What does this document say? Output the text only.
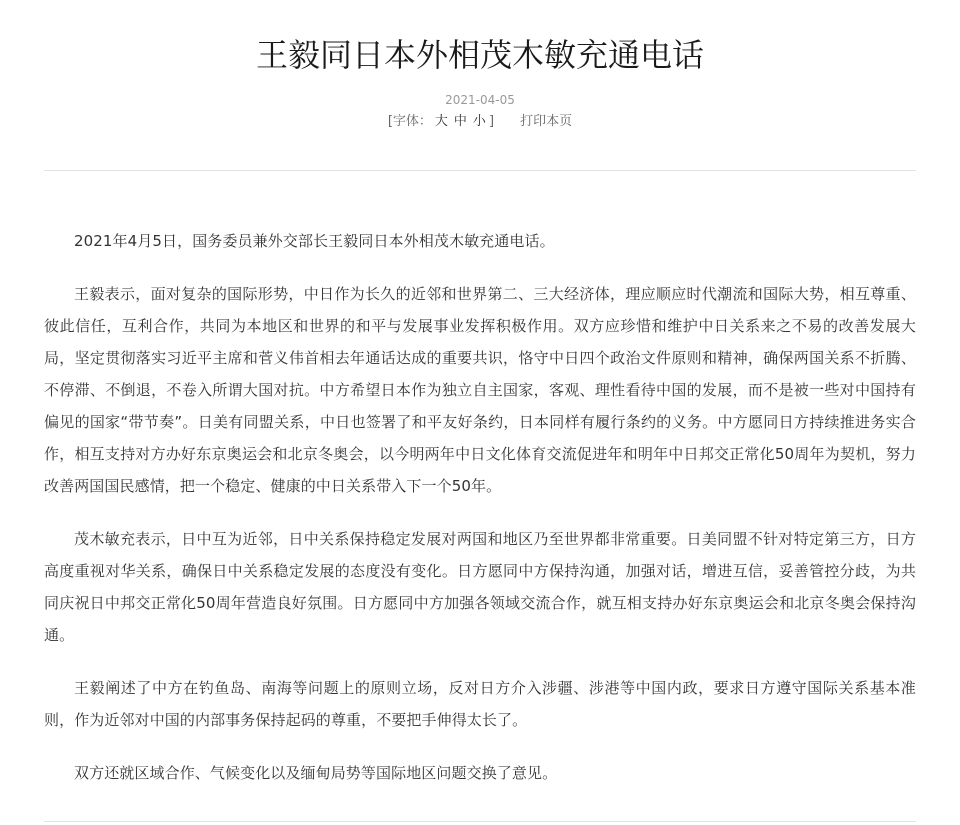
王毅同日本外相茂木敏充通电话
2021-04-05
[字体： 大 中 小 ] 打印本页

2021年4月5日，国务委员兼外交部长王毅同日本外相茂木敏充通电话。

王毅表示，面对复杂的国际形势，中日作为长久的近邻和世界第二、三大经济体，理应顺应时代潮流和国际大势，相互尊重、彼此信任，互利合作，共同为本地区和世界的和平与发展事业发挥积极作用。双方应珍惜和维护中日关系来之不易的改善发展大局，坚定贯彻落实习近平主席和菅义伟首相去年通话达成的重要共识，恪守中日四个政治文件原则和精神，确保两国关系不折腾、不停滞、不倒退，不卷入所谓大国对抗。中方希望日本作为独立自主国家，客观、理性看待中国的发展，而不是被一些对中国持有偏见的国家“带节奏”。日美有同盟关系，中日也签署了和平友好条约，日本同样有履行条约的义务。中方愿同日方持续推进务实合作，相互支持对方办好东京奥运会和北京冬奥会，以今明两年中日文化体育交流促进年和明年中日邦交正常化50周年为契机，努力改善两国国民感情，把一个稳定、健康的中日关系带入下一个50年。

茂木敏充表示，日中互为近邻，日中关系保持稳定发展对两国和地区乃至世界都非常重要。日美同盟不针对特定第三方，日方高度重视对华关系，确保日中关系稳定发展的态度没有变化。日方愿同中方保持沟通，加强对话，增进互信，妥善管控分歧，为共同庆祝日中邦交正常化50周年营造良好氛围。日方愿同中方加强各领域交流合作，就互相支持办好东京奥运会和北京冬奥会保持沟通。

王毅阐述了中方在钓鱼岛、南海等问题上的原则立场，反对日方介入涉疆、涉港等中国内政，要求日方遵守国际关系基本准则，作为近邻对中国的内部事务保持起码的尊重，不要把手伸得太长了。

双方还就区域合作、气候变化以及缅甸局势等国际地区问题交换了意见。
